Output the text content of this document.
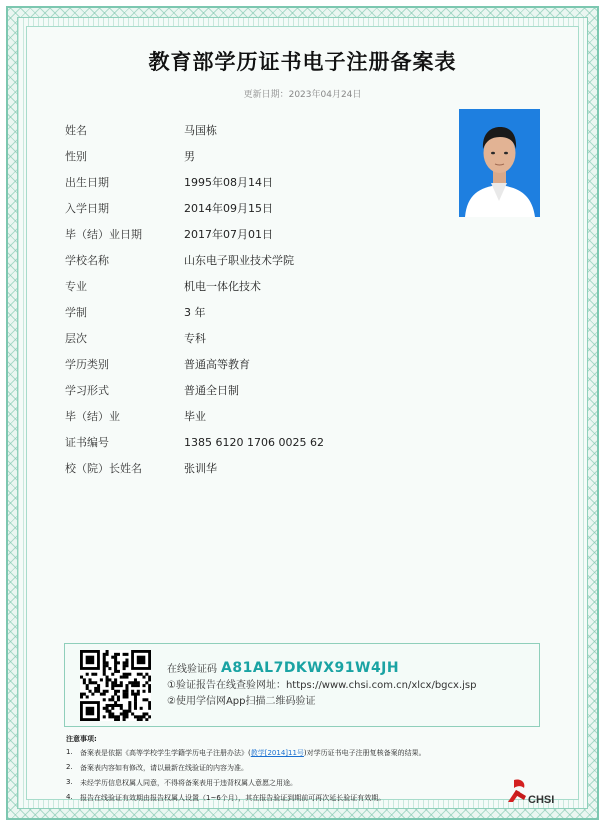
教育部学历证书电子注册备案表
更新日期：2023年04月24日
姓名	马国栋
性别	男
出生日期	1995年08月14日
入学日期	2014年09月15日
毕（结）业日期	2017年07月01日
学校名称	山东电子职业技术学院
专业	机电一体化技术
学制	3 年
层次	专科
学历类别	普通高等教育
学习形式	普通全日制
毕（结）业	毕业
证书编号	1385 6120 1706 0025 62
校（院）长姓名	张训华
在线验证码 A81AL7DKWX91W4JH
①验证报告在线查验网址：https://www.chsi.com.cn/xlcx/bgcx.jsp
②使用学信网App扫描二维码验证
注意事项:
1.	备案表是依据《高等学校学生学籍学历电子注册办法》(教学[2014]11号)对学历证书电子注册复核备案的结果。
2.	备案表内容如有修改，请以最新在线验证的内容为准。
3.	未经学历信息权属人同意，不得将备案表用于违背权属人意愿之用途。
4.	报告在线验证有效期由报告权属人设置（1~6个月），其在报告验证到期前可再次延长验证有效期。	CHSI
